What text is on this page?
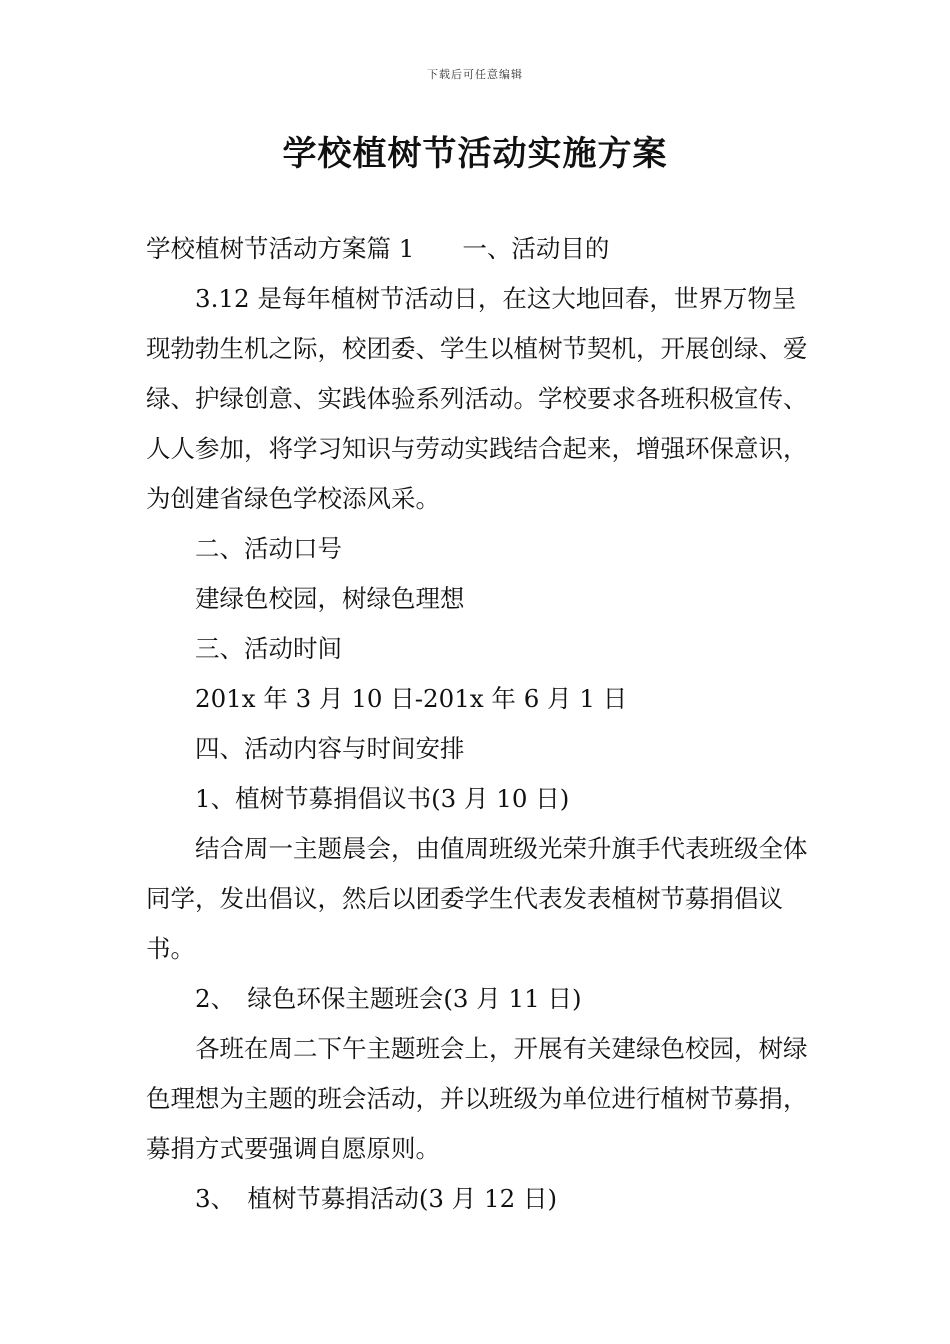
下载后可任意编辑
学校植树节活动实施方案

学校植树节活动方案篇 1 一、活动目的

3.12 是每年植树节活动日，在这大地回春，世界万物呈现勃勃生机之际，校团委、学生以植树节契机，开展创绿、爱绿、护绿创意、实践体验系列活动。学校要求各班积极宣传、人人参加，将学习知识与劳动实践结合起来，增强环保意识，为创建省绿色学校添风采。

二、活动口号

建绿色校园，树绿色理想

三、活动时间

201x 年 3 月 10 日-201x 年 6 月 1 日

四、活动内容与时间安排

1、植树节募捐倡议书(3 月 10 日)

结合周一主题晨会，由值周班级光荣升旗手代表班级全体同学，发出倡议，然后以团委学生代表发表植树节募捐倡议书。

2、　绿色环保主题班会(3 月 11 日)

各班在周二下午主题班会上，开展有关建绿色校园，树绿色理想为主题的班会活动，并以班级为单位进行植树节募捐，募捐方式要强调自愿原则。

3、　植树节募捐活动(3 月 12 日)
